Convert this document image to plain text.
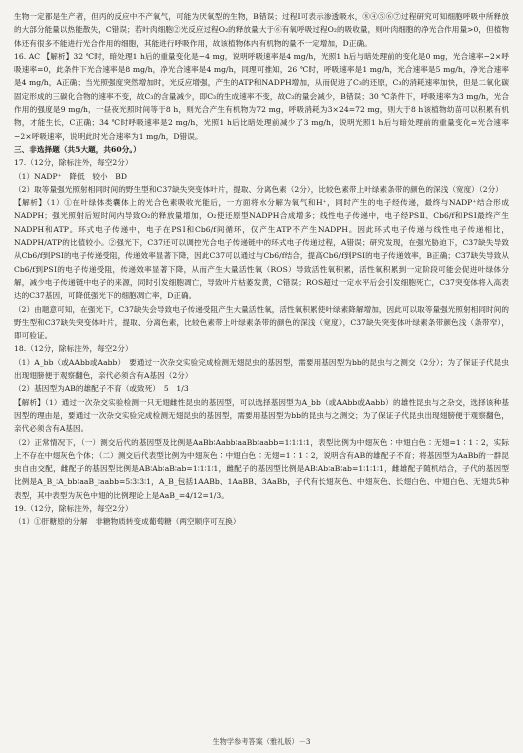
生物一定都是生产者，但丙的反应中不产氧气，可能为厌氧型的生物，B错误；过程Ⅰ可表示渗透吸水，⑧④⑤⑥⑦过程研究可知细胞呼吸中所释放的大部分能量以热能散失，C错误；若叶肉细胞②光反应过程O₂的释放量大于⑥有氧呼吸过程O₂的吸收量，则叶肉细胞的净光合作用量>0，但植物体还有很多不能进行光合作用的细胞，其能进行呼吸作用，故该植物体内有机物的量不一定增加，D正确。

16. AC 【解析】32 ℃时，暗处理1 h后的重量变化是−4 mg，说明呼吸速率是4 mg/h，光照1 h后与暗处理前的变化是0 mg，光合速率−2×呼吸速率=0，此条件下光合速率是8 mg/h，净光合速率是4 mg/h，同理可推知，26 ℃时，呼吸速率是1 mg/h，光合速率是5 mg/h，净光合速率是4 mg/h，A正确；当光照强度突然增加时，光反应增强，产生的ATP和NADPH增加，从而促进了C₃的还原，C₃的消耗速率加快，但是二氧化碳固定形成的三碳化合物的速率不变，故C₃的含量减少，即C₃的生成速率不变，故C₃的量会减少，B错误；30 ℃条件下，呼吸速率为3 mg/h，光合作用的强度是9 mg/h，一昼夜光照时间等于8 h，则光合产生有机物为72 mg，呼吸消耗为3×24=72 mg，则大于8 h该植物幼苗可以积累有机物，才能生长，C正确；34 ℃时呼吸速率是2 mg/h，光照1 h后比暗处理前减少了3 mg/h，说明光照1 h后与暗处理前的重量变化=光合速率−2×呼吸速率，说明此时光合速率为1 mg/h，D错误。

三、非选择题（共5大题，共60分。）

17.（12分，除标注外，每空2分）

（1）NADP⁺　降低　较小　BD

（2）取等量强光照射相同时间的野生型和C37缺失突变体叶片，提取、分离色素（2分），比较色素带上叶绿素条带的颜色的深浅（宽度）（2分）

【解析】（1）①在叶绿体类囊体上的光合色素吸收光能后，一方面将水分解为氧气和H⁺，同时产生的电子经传递，最终与NADP⁺结合形成NADPH；强光照射后短时间内导致O₂的释放量增加，O₂使还原型NADPH合成增多；线性电子传递中，电子经PSⅡ、Cb6/f和PSⅠ最终产生NADPH和ATP。环式电子传递中，电子在PSⅠ和Cb6/f间循环，仅产生ATP不产生NADPH。因此环式电子传递与线性电子传递相比，NADPH/ATP的比值较小。②强光下，C37还可以调控光合电子传递链中的环式电子传递过程，A错误；研究发现，在强光胁迫下，C37缺失导致从Cb6/f到PSⅠ的电子传递受阻，传递效率显著下降，因此C37可以通过与Cb6/f结合，提高Cb6/f到PSⅠ的电子传递效率，B正确；C37缺失导致从Cb6/f到PSⅠ的电子传递受阻，传递效率显著下降，从而产生大量活性氧（ROS）导致活性氧积累，活性氧积累到一定阶段可能会促进叶绿体分解，减少电子传递链中电子的来源，同时引发细胞凋亡，导致叶片枯萎发黄，C错误；ROS超过一定水平后会引发细胞死亡，C37突变体将入高表达的C37基因，可降低强光下的细胞凋亡率，D正确。

（2）由题意可知，在强光下，C37缺失会导致电子传递受阻产生大量活性氧，活性氧积累使叶绿素降解增加，因此可以取等量强光照射相同时间的野生型和C37缺失突变体叶片，提取、分离色素，比较色素带上叶绿素条带的颜色的深浅（宽度），C37缺失突变体叶绿素条带颜色浅（条带窄），即可验证。

18.（12分，除标注外，每空2分）

（1）A_bb（或AAbb或Aabb）　要通过一次杂交实验完成检测无翅昆虫的基因型，需要用基因型为bb的昆虫与之测交（2分）；为了保证子代昆虫出现翅膀便于观察翻色，亲代必须含有A基因（2分）

（2）基因型为AB的雄配子不育（或致死）　5　1/3

【解析】（1）通过一次杂交实验检测一只无翅雌性昆虫的基因型，可以选择基因型为A_bb（或AAbb或Aabb）的雄性昆虫与之杂交，选择该种基因型的理由是，要通过一次杂交实验完成检测无翅昆虫的基因型，需要用基因型为bb的昆虫与之测交；为了保证子代昆虫出现翅膀便于观察翻色，亲代必须含有A基因。

（2）正常情况下，（一）测交后代的基因型及比例是AaBb∶Aabb∶aaBb∶aabb=1∶1∶1∶1，表型比例为中翅灰色∶中翅白色∶无翅=1∶1∶2，实际上不存在中翅灰色个体；（二）测交后代表型比例为中翅灰色∶中翅白色∶无翅=1∶1∶2，说明含有AB的雄配子不育；将基因型为AaBb的一群昆虫自由交配，雌配子的基因型比例是AB∶Ab∶aB∶ab=1∶1∶1∶1，雌配子的基因型比例是AB∶Ab∶aB∶ab=1∶1∶1∶1，雌雄配子随机结合，子代的基因型比例是A_B_∶A_bb∶aaB_∶aabb=5∶3∶3∶1，A_B_包括1AABb、1AaBB、3AaBb，子代有长翅灰色、中翅灰色、长翅白色、中翅白色、无翅共5种表型，其中表型为灰色中翅的比例理论上是AaB_=4/12=1/3。

19.（12分，除标注外，每空2分）

（1）①肝糖原的分解　非糖物质转变成葡萄糖（两空顺序可互换）

生物学参考答案（雅礼版）－3
